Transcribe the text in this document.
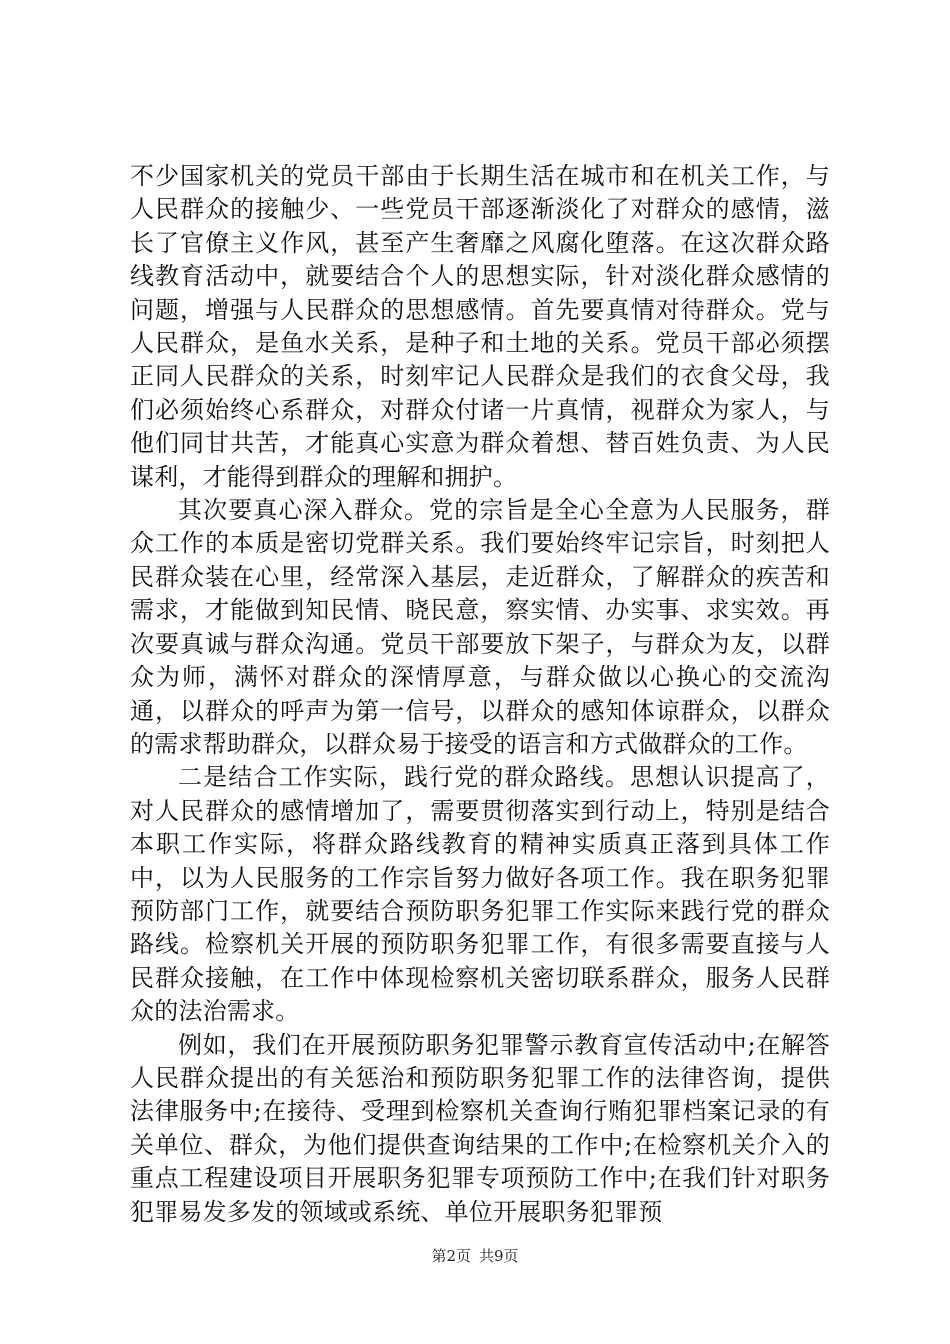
不少国家机关的党员干部由于长期生活在城市和在机关工作，与人民群众的接触少、一些党员干部逐渐淡化了对群众的感情，滋长了官僚主义作风，甚至产生奢靡之风腐化堕落。在这次群众路线教育活动中，就要结合个人的思想实际，针对淡化群众感情的问题，增强与人民群众的思想感情。首先要真情对待群众。党与人民群众，是鱼水关系，是种子和土地的关系。党员干部必须摆正同人民群众的关系，时刻牢记人民群众是我们的衣食父母，我们必须始终心系群众，对群众付诸一片真情，视群众为家人，与他们同甘共苦，才能真心实意为群众着想、替百姓负责、为人民谋利，才能得到群众的理解和拥护。

其次要真心深入群众。党的宗旨是全心全意为人民服务，群众工作的本质是密切党群关系。我们要始终牢记宗旨，时刻把人民群众装在心里，经常深入基层，走近群众，了解群众的疾苦和需求，才能做到知民情、晓民意，察实情、办实事、求实效。再次要真诚与群众沟通。党员干部要放下架子，与群众为友，以群众为师，满怀对群众的深情厚意，与群众做以心换心的交流沟通，以群众的呼声为第一信号，以群众的感知体谅群众，以群众的需求帮助群众，以群众易于接受的语言和方式做群众的工作。

二是结合工作实际，践行党的群众路线。思想认识提高了，对人民群众的感情增加了，需要贯彻落实到行动上，特别是结合本职工作实际，将群众路线教育的精神实质真正落到具体工作中，以为人民服务的工作宗旨努力做好各项工作。我在职务犯罪预防部门工作，就要结合预防职务犯罪工作实际来践行党的群众路线。检察机关开展的预防职务犯罪工作，有很多需要直接与人民群众接触，在工作中体现检察机关密切联系群众，服务人民群众的法治需求。

例如，我们在开展预防职务犯罪警示教育宣传活动中;在解答人民群众提出的有关惩治和预防职务犯罪工作的法律咨询，提供法律服务中;在接待、受理到检察机关查询行贿犯罪档案记录的有关单位、群众，为他们提供查询结果的工作中;在检察机关介入的重点工程建设项目开展职务犯罪专项预防工作中;在我们针对职务犯罪易发多发的领域或系统、单位开展职务犯罪预

第2页 共9页
